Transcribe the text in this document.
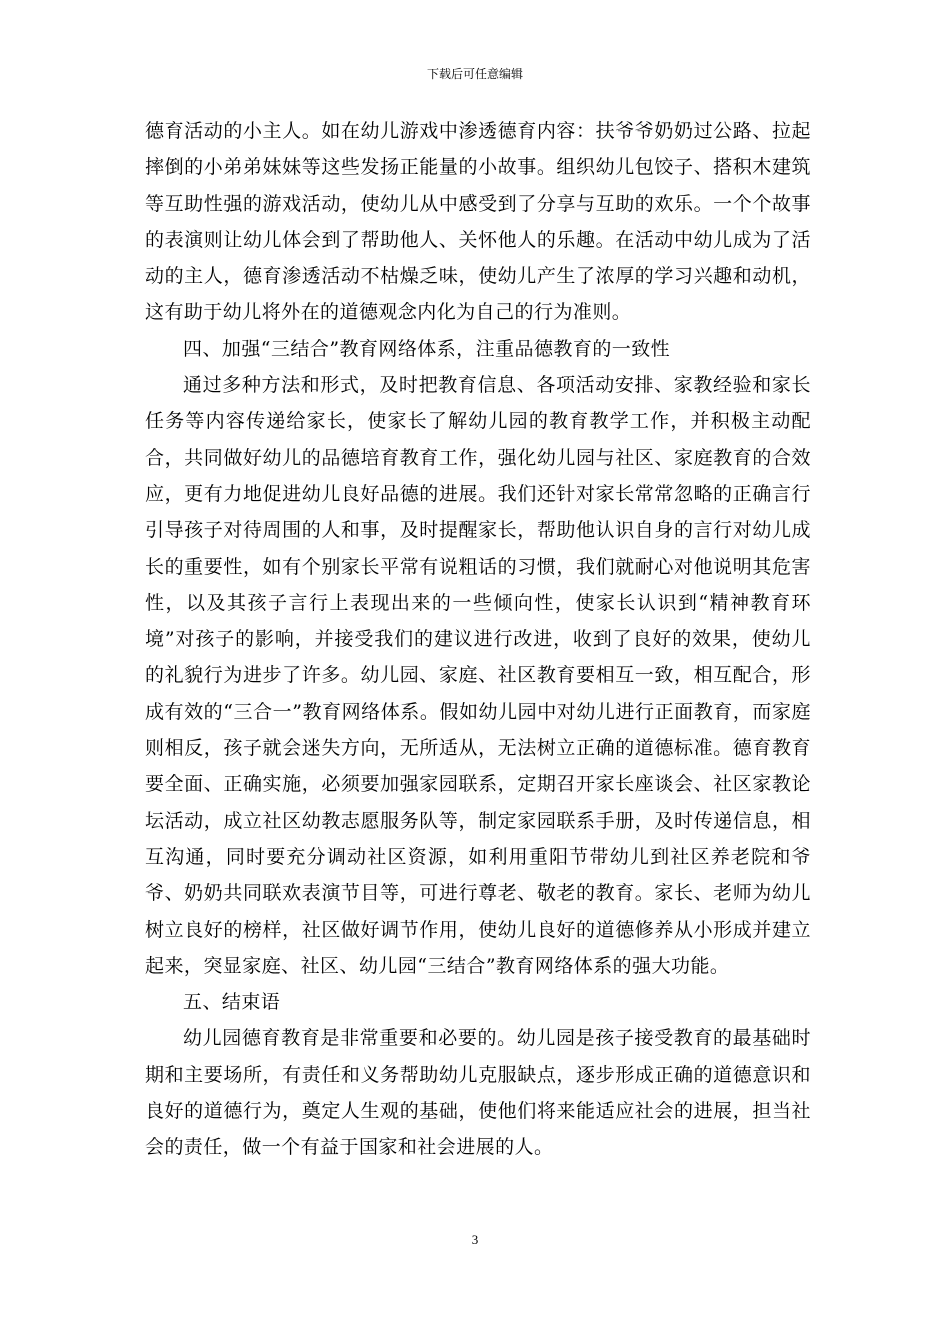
下载后可任意编辑

德育活动的小主人。如在幼儿游戏中渗透德育内容：扶爷爷奶奶过公路、拉起摔倒的小弟弟妹妹等这些发扬正能量的小故事。组织幼儿包饺子、搭积木建筑等互助性强的游戏活动，使幼儿从中感受到了分享与互助的欢乐。一个个故事的表演则让幼儿体会到了帮助他人、关怀他人的乐趣。在活动中幼儿成为了活动的主人，德育渗透活动不枯燥乏味，使幼儿产生了浓厚的学习兴趣和动机，这有助于幼儿将外在的道德观念内化为自己的行为准则。

四、加强“三结合”教育网络体系，注重品德教育的一致性

通过多种方法和形式，及时把教育信息、各项活动安排、家教经验和家长任务等内容传递给家长，使家长了解幼儿园的教育教学工作，并积极主动配合，共同做好幼儿的品德培育教育工作，强化幼儿园与社区、家庭教育的合效应，更有力地促进幼儿良好品德的进展。我们还针对家长常常忽略的正确言行引导孩子对待周围的人和事，及时提醒家长，帮助他认识自身的言行对幼儿成长的重要性，如有个别家长平常有说粗话的习惯，我们就耐心对他说明其危害性，以及其孩子言行上表现出来的一些倾向性，使家长认识到“精神教育环境”对孩子的影响，并接受我们的建议进行改进，收到了良好的效果，使幼儿的礼貌行为进步了许多。幼儿园、家庭、社区教育要相互一致，相互配合，形成有效的“三合一”教育网络体系。假如幼儿园中对幼儿进行正面教育，而家庭则相反，孩子就会迷失方向，无所适从，无法树立正确的道德标准。德育教育要全面、正确实施，必须要加强家园联系，定期召开家长座谈会、社区家教论坛活动，成立社区幼教志愿服务队等，制定家园联系手册，及时传递信息，相互沟通，同时要充分调动社区资源，如利用重阳节带幼儿到社区养老院和爷爷、奶奶共同联欢表演节目等，可进行尊老、敬老的教育。家长、老师为幼儿树立良好的榜样，社区做好调节作用，使幼儿良好的道德修养从小形成并建立起来，突显家庭、社区、幼儿园“三结合”教育网络体系的强大功能。

五、结束语

幼儿园德育教育是非常重要和必要的。幼儿园是孩子接受教育的最基础时期和主要场所，有责任和义务帮助幼儿克服缺点，逐步形成正确的道德意识和良好的道德行为，奠定人生观的基础，使他们将来能适应社会的进展，担当社会的责任，做一个有益于国家和社会进展的人。

3
